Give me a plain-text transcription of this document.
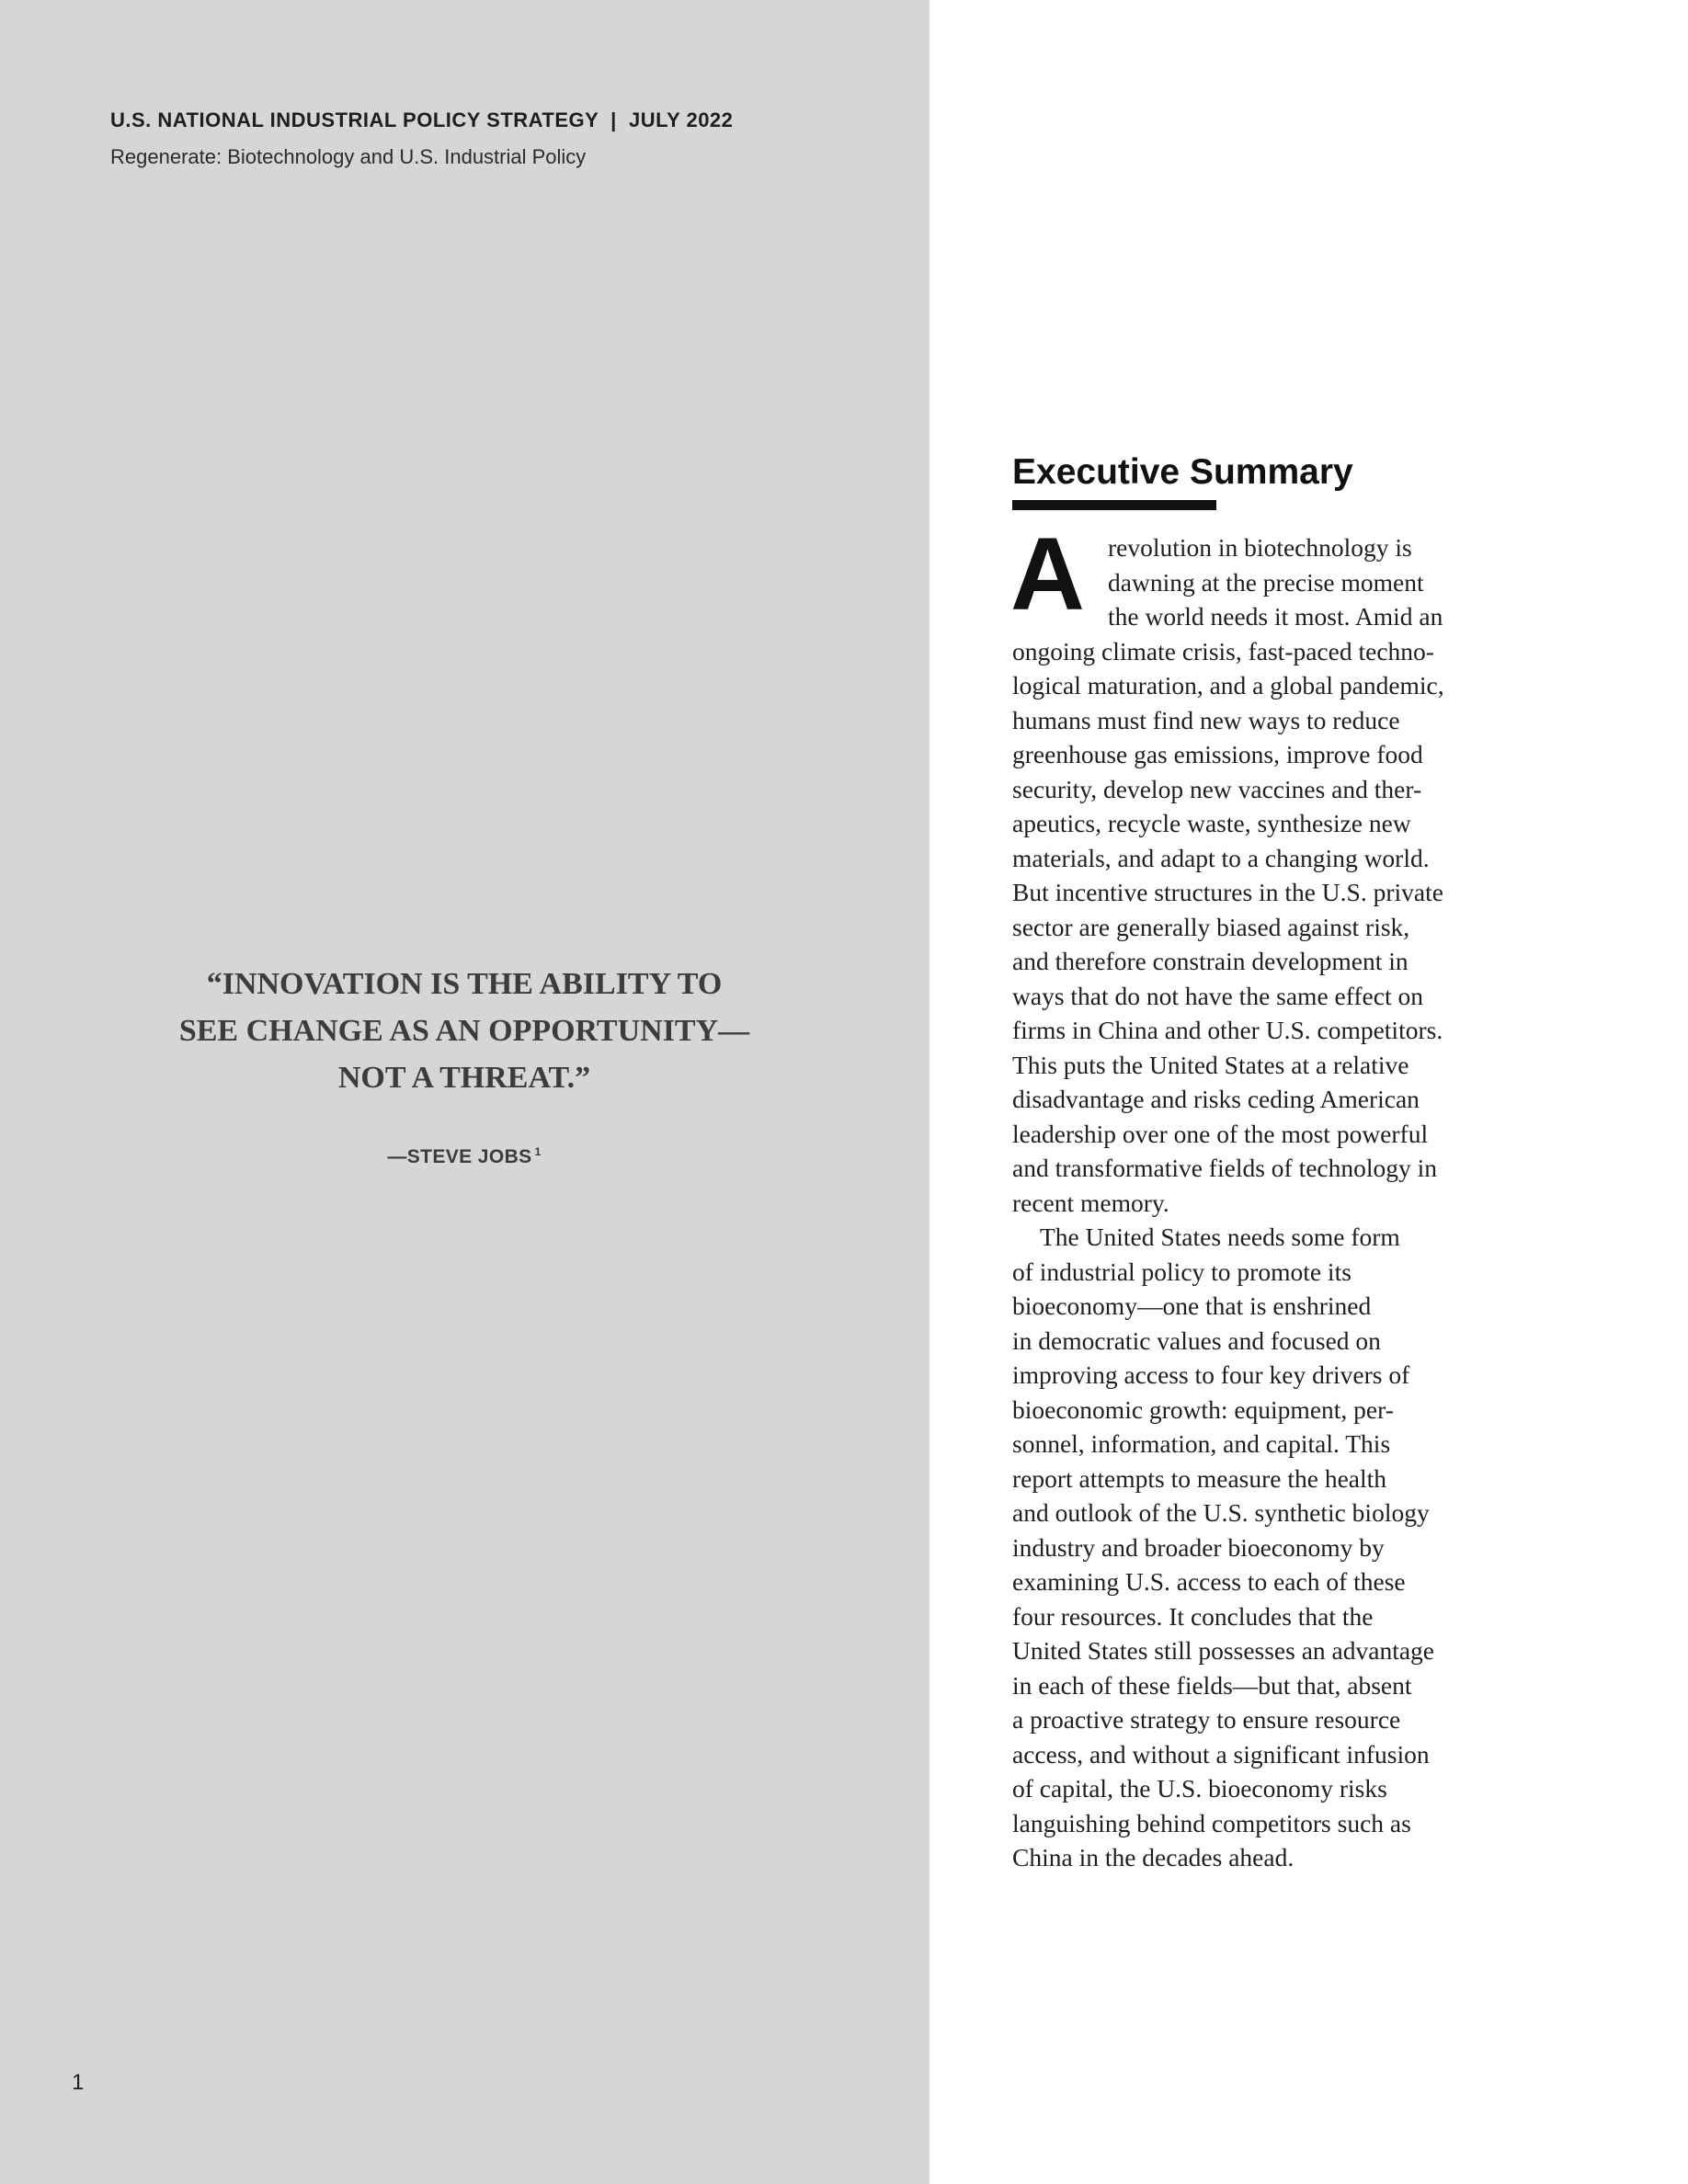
U.S. NATIONAL INDUSTRIAL POLICY STRATEGY  |  JULY 2022
Regenerate: Biotechnology and U.S. Industrial Policy

“INNOVATION IS THE ABILITY TO
SEE CHANGE AS AN OPPORTUNITY—
NOT A THREAT.”

—STEVE JOBS $^1$
1
Executive Summary
A revolution in biotechnology is
dawning at the precise moment
the world needs it most. Amid an
ongoing climate crisis, fast-paced techno-
logical maturation, and a global pandemic,
humans must find new ways to reduce
greenhouse gas emissions, improve food
security, develop new vaccines and ther-
apeutics, recycle waste, synthesize new
materials, and adapt to a changing world.
But incentive structures in the U.S. private
sector are generally biased against risk,
and therefore constrain development in
ways that do not have the same effect on
firms in China and other U.S. competitors.
This puts the United States at a relative
disadvantage and risks ceding American
leadership over one of the most powerful
and transformative fields of technology in
recent memory.
The United States needs some form
of industrial policy to promote its
bioeconomy—one that is enshrined
in democratic values and focused on
improving access to four key drivers of
bioeconomic growth: equipment, per-
sonnel, information, and capital. This
report attempts to measure the health
and outlook of the U.S. synthetic biology
industry and broader bioeconomy by
examining U.S. access to each of these
four resources. It concludes that the
United States still possesses an advantage
in each of these fields—but that, absent
a proactive strategy to ensure resource
access, and without a significant infusion
of capital, the U.S. bioeconomy risks
languishing behind competitors such as
China in the decades ahead.
